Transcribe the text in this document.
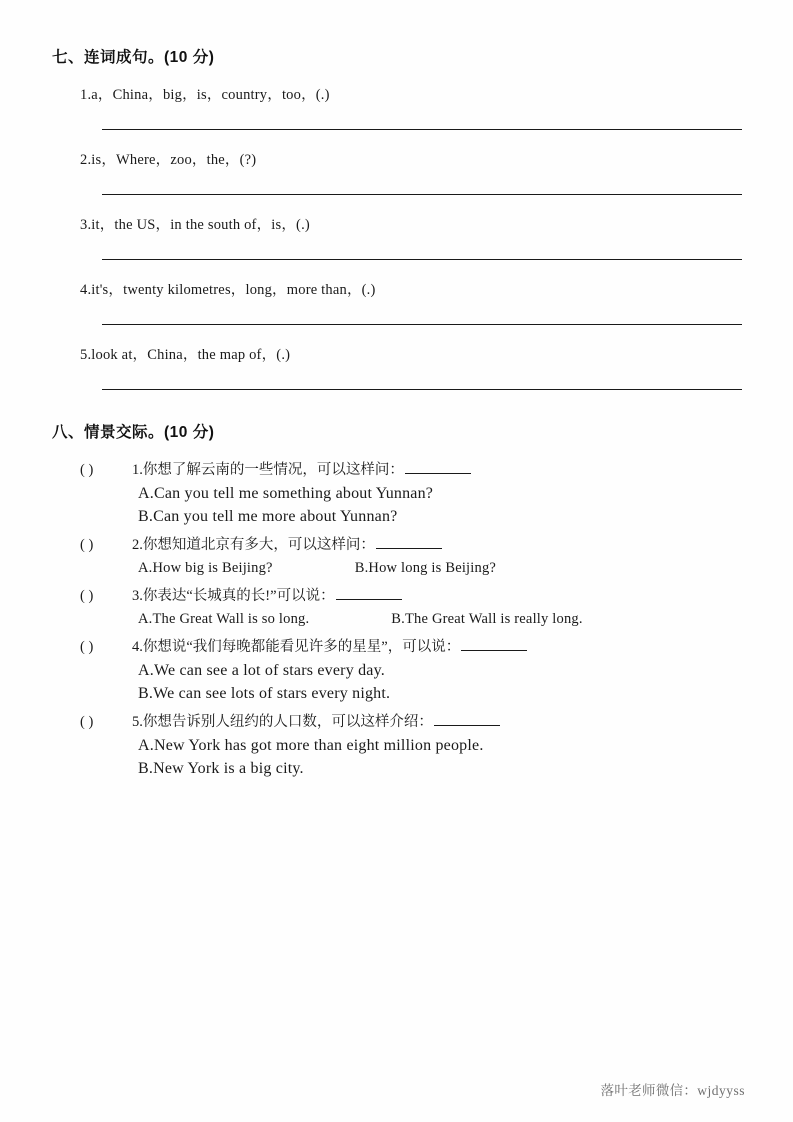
七、连词成句。(10 分)
1.a，China，big，is，country，too，(.)
2.is，Where，zoo，the，(?)
3.it，the US，in the south of，is，(.)
4.it's，twenty kilometres，long，more than，(.)
5.look at，China，the map of，(.)
八、情景交际。(10 分)
( )	1. 你想了解云南的一些情况，可以这样问：
A.Can you tell me something about Yunnan?
B.Can you tell me more about Yunnan?
( )	2. 你想知道北京有多大，可以这样问：
A.How big is Beijing?	B.How long is Beijing?
( )	3. 你表达“长城真的长!”可以说：
A.The Great Wall is so long.	B.The Great Wall is really long.
( )	4. 你想说“我们每晚都能看见许多的星星”，可以说：
A.We can see a lot of stars every day.
B.We can see lots of stars every night.
( )	5. 你想告诉别人纽约的人口数，可以这样介绍：
A.New York has got more than eight million people.
B.New York is a big city.
落叶老师微信：wjdyyss
